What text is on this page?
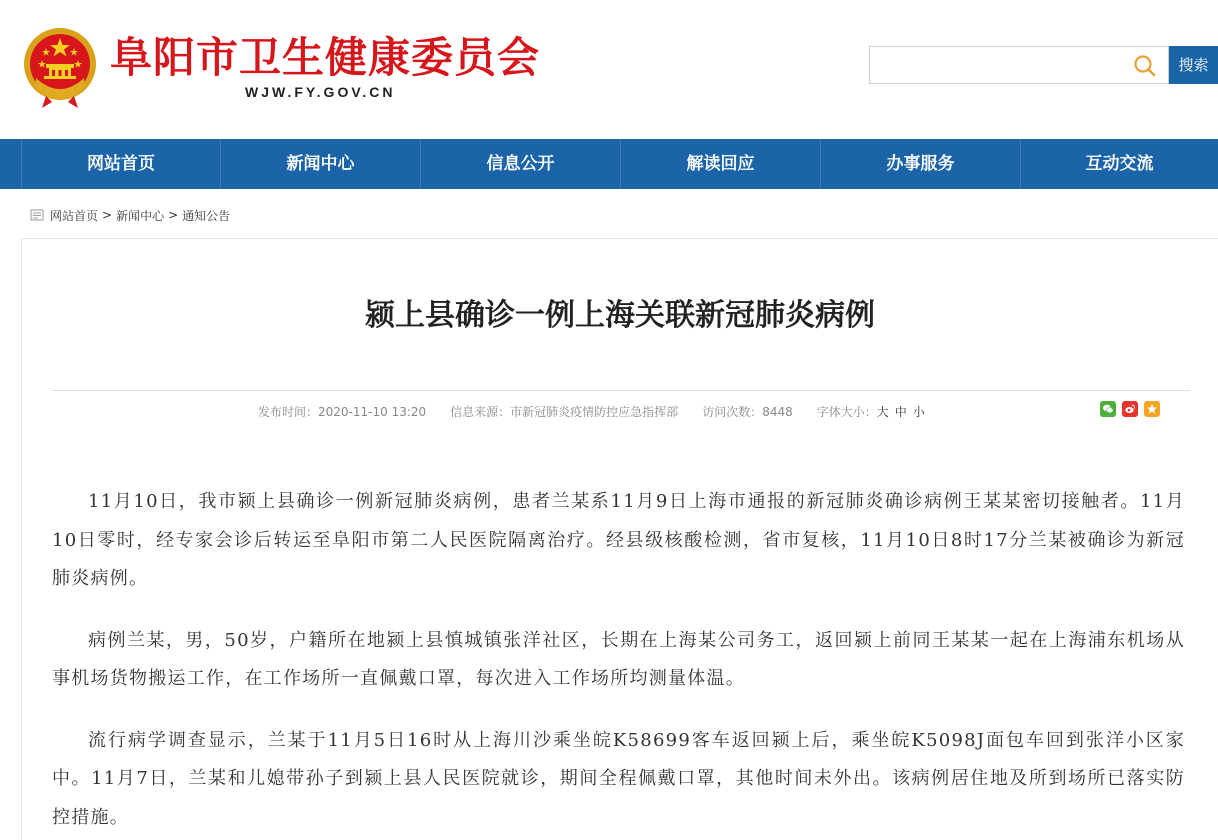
阜阳市卫生健康委员会
WJW.FY.GOV.CN
搜索
网站首页	新闻中心	信息公开	解读回应	办事服务	互动交流
网站首页 > 新闻中心 > 通知公告
颍上县确诊一例上海关联新冠肺炎病例
发布时间：2020-11-10 13:20 信息来源：市新冠肺炎疫情防控应急指挥部 访问次数：8448 字体大小：大 中 小

11月10日，我市颍上县确诊一例新冠肺炎病例，患者兰某系11月9日上海市通报的新冠肺炎确诊病例王某某密切接触者。11月10日零时，经专家会诊后转运至阜阳市第二人民医院隔离治疗。经县级核酸检测，省市复核，11月10日8时17分兰某被确诊为新冠肺炎病例。

病例兰某，男，50岁，户籍所在地颍上县慎城镇张洋社区，长期在上海某公司务工，返回颍上前同王某某一起在上海浦东机场从事机场货物搬运工作，在工作场所一直佩戴口罩，每次进入工作场所均测量体温。

流行病学调查显示，兰某于11月5日16时从上海川沙乘坐皖K58699客车返回颍上后，乘坐皖K5098J面包车回到张洋小区家中。11月7日，兰某和儿媳带孙子到颍上县人民医院就诊，期间全程佩戴口罩，其他时间未外出。该病例居住地及所到场所已落实防控措施。
